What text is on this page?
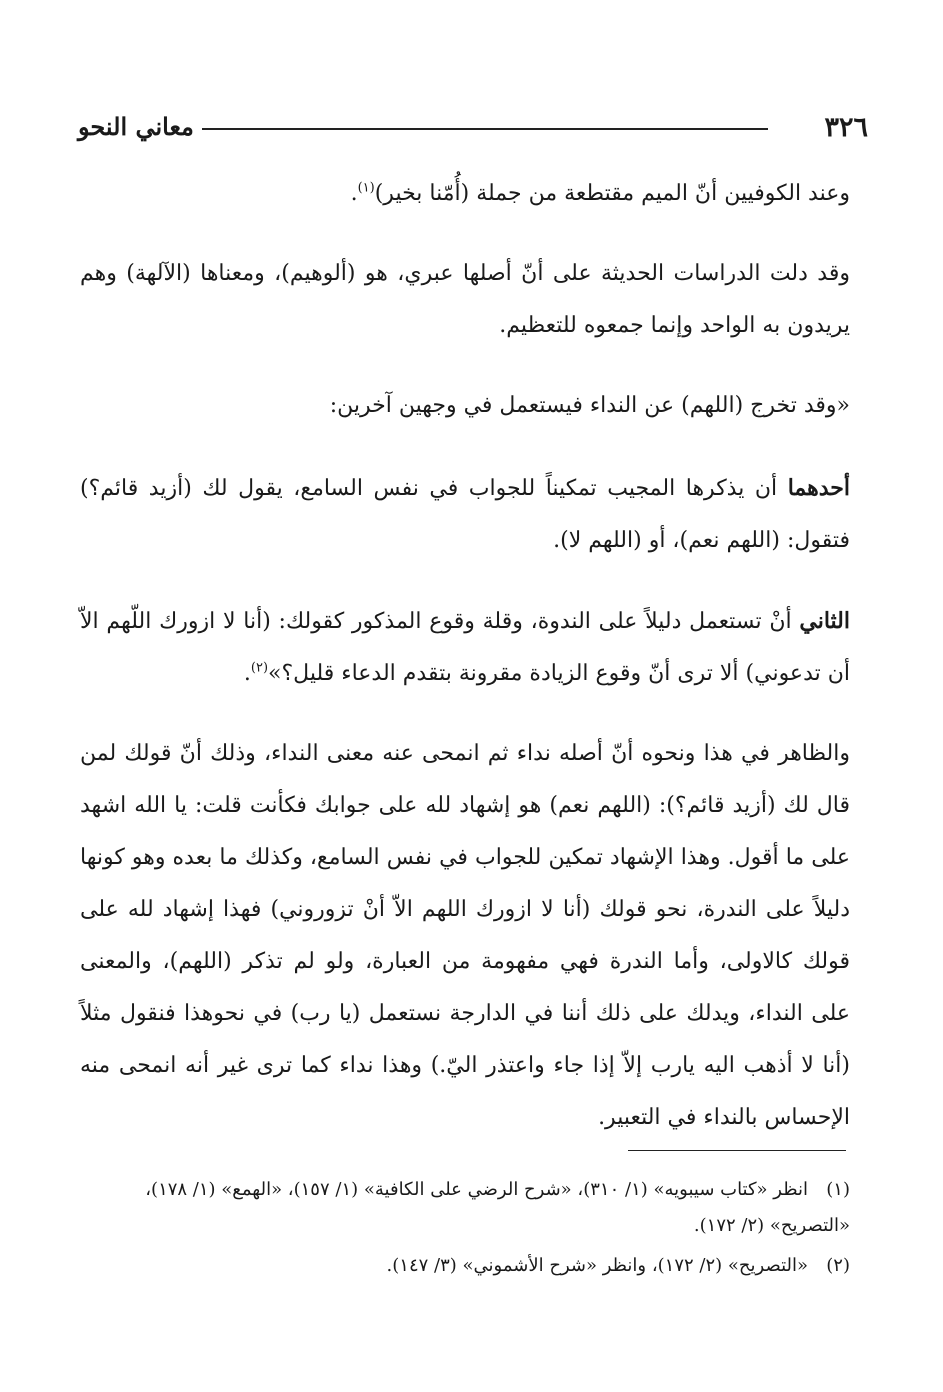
٣٢٦
معاني النحو

وعند الكوفيين أنّ الميم مقتطعة من جملة (أُمّنا بخير)$^{(١)}$.

وقد دلت الدراسات الحديثة على أنّ أصلها عبري، هو (ألوهيم)، ومعناها (الآلهة) وهم يريدون به الواحد وإنما جمعوه للتعظيم.

«وقد تخرج (اللهم) عن النداء فيستعمل في وجهين آخرين:

أحدهما أن يذكرها المجيب تمكيناً للجواب في نفس السامع، يقول لك (أزيد قائم؟) فتقول: (اللهم نعم)، أو (اللهم لا).

الثاني أنْ تستعمل دليلاً على الندوة، وقلة وقوع المذكور كقولك: (أنا لا ازورك اللّهم الاّ أن تدعوني) ألا ترى أنّ وقوع الزيادة مقرونة بتقدم الدعاء قليل؟»$^{(٢)}$.

والظاهر في هذا ونحوه أنّ أصله نداء ثم انمحى عنه معنى النداء، وذلك أنّ قولك لمن قال لك (أزيد قائم؟): (اللهم نعم) هو إشهاد لله على جوابك فكأنت قلت: يا الله اشهد على ما أقول. وهذا الإشهاد تمكين للجواب في نفس السامع، وكذلك ما بعده وهو كونها دليلاً على الندرة، نحو قولك (أنا لا ازورك اللهم الاّ أنْ تزوروني) فهذا إشهاد لله على قولك كالاولى، وأما الندرة فهي مفهومة من العبارة، ولو لم تذكر (اللهم)، والمعنى على النداء، ويدلك على ذلك أننا في الدارجة نستعمل (يا رب) في نحوهذا فنقول مثلاً (أنا لا أذهب اليه يارب إلاّ إذا جاء واعتذر اليّ.) وهذا نداء كما ترى غير أنه انمحى منه الإحساس بالنداء في التعبير.

(١)انظر «كتاب سيبويه» (١/ ٣١٠)، «شرح الرضي على الكافية» (١/ ١٥٧)، «الهمع» (١/ ١٧٨)، «التصريح» (٢/ ١٧٢).

(٢)«التصريح» (٢/ ١٧٢)، وانظر «شرح الأشموني» (٣/ ١٤٧).
